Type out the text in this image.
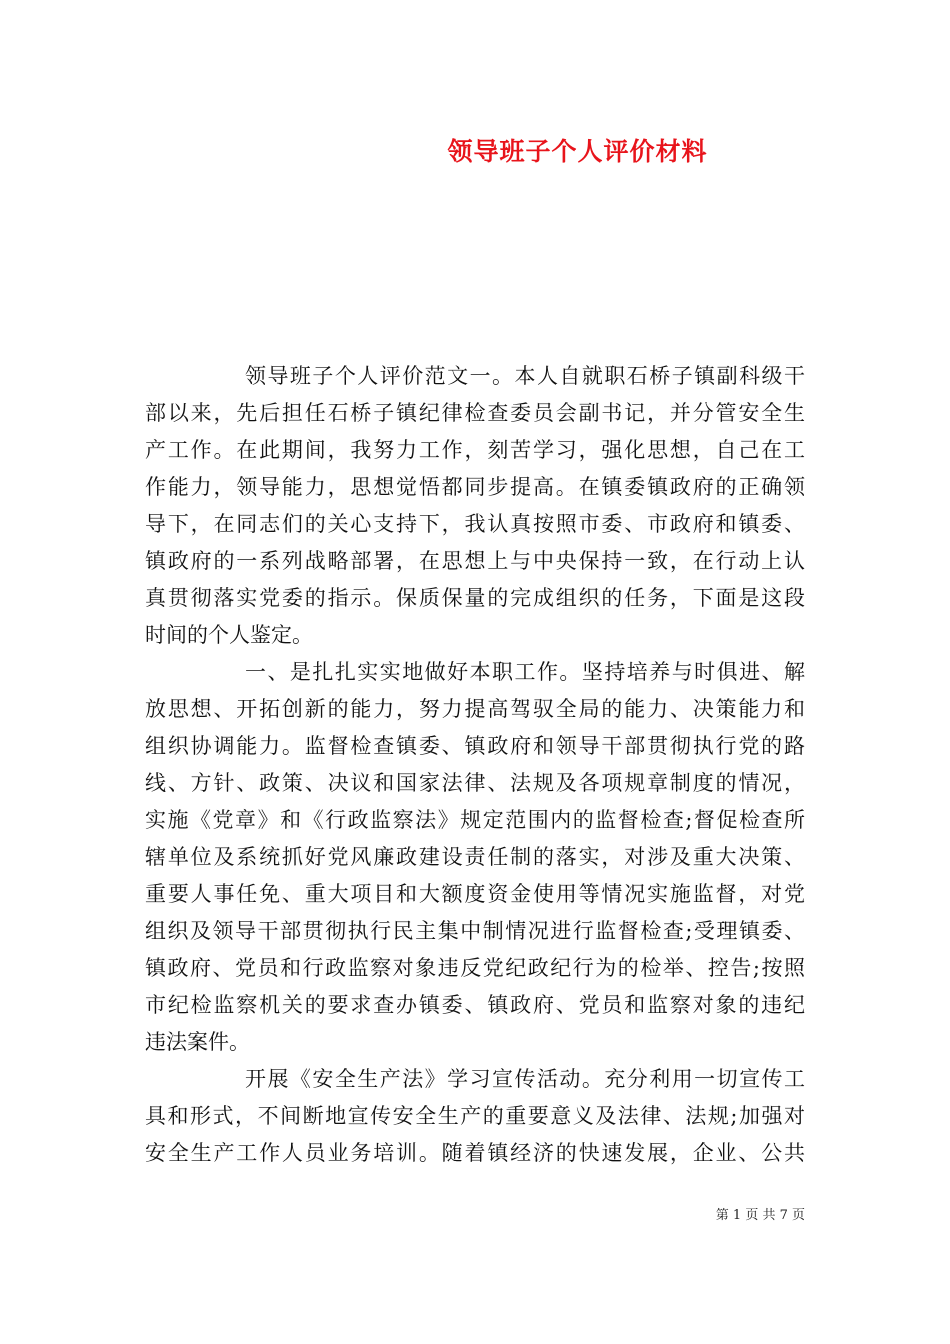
领导班子个人评价材料
领导班子个人评价范文一。本人自就职石桥子镇副科级干
部以来，先后担任石桥子镇纪律检查委员会副书记，并分管安全生
产工作。在此期间，我努力工作，刻苦学习，强化思想，自己在工
作能力，领导能力，思想觉悟都同步提高。在镇委镇政府的正确领
导下，在同志们的关心支持下，我认真按照市委、市政府和镇委、
镇政府的一系列战略部署，在思想上与中央保持一致，在行动上认
真贯彻落实党委的指示。保质保量的完成组织的任务，下面是这段
时间的个人鉴定。
一、是扎扎实实地做好本职工作。坚持培养与时俱进、解
放思想、开拓创新的能力，努力提高驾驭全局的能力、决策能力和
组织协调能力。监督检查镇委、镇政府和领导干部贯彻执行党的路
线、方针、政策、决议和国家法律、法规及各项规章制度的情况，
实施《党章》和《行政监察法》规定范围内的监督检查;督促检查所
辖单位及系统抓好党风廉政建设责任制的落实，对涉及重大决策、
重要人事任免、重大项目和大额度资金使用等情况实施监督，对党
组织及领导干部贯彻执行民主集中制情况进行监督检查;受理镇委、
镇政府、党员和行政监察对象违反党纪政纪行为的检举、控告;按照
市纪检监察机关的要求查办镇委、镇政府、党员和监察对象的违纪
违法案件。
开展《安全生产法》学习宣传活动。充分利用一切宣传工
具和形式，不间断地宣传安全生产的重要意义及法律、法规;加强对
安全生产工作人员业务培训。随着镇经济的快速发展，企业、公共
第 1 页 共 7 页
